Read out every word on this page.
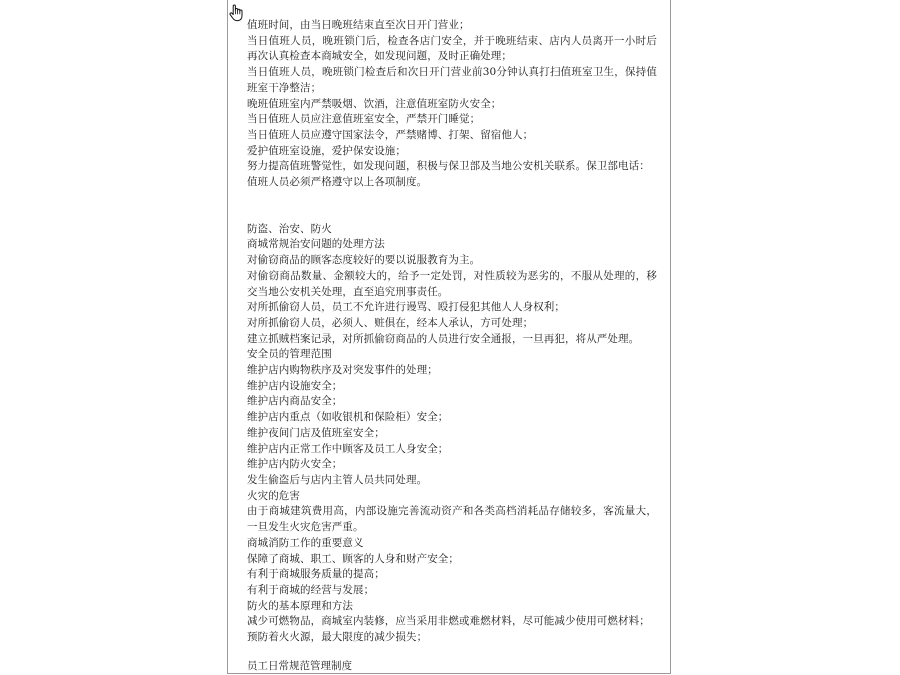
值班时间，由当日晚班结束直至次日开门营业；

当日值班人员，晚班锁门后，检查各店门安全，并于晚班结束、店内人员离开一小时后再次认真检查本商城安全，如发现问题，及时正确处理；

当日值班人员，晚班锁门检查后和次日开门营业前30分钟认真打扫值班室卫生，保持值班室干净整洁；

晚班值班室内严禁吸烟、饮酒，注意值班室防火安全；

当日值班人员应注意值班室安全，严禁开门睡觉；

当日值班人员应遵守国家法令，严禁赌博、打架、留宿他人；

爱护值班室设施，爱护保安设施；

努力提高值班警觉性，如发现问题，积极与保卫部及当地公安机关联系。保卫部电话：

值班人员必须严格遵守以上各项制度。

防盗、治安、防火

商城常规治安问题的处理方法

对偷窃商品的顾客态度较好的要以说服教育为主。

对偷窃商品数量、金额较大的，给予一定处罚，对性质较为恶劣的，不服从处理的，移交当地公安机关处理，直至追究刑事责任。

对所抓偷窃人员，员工不允许进行谩骂、殴打侵犯其他人人身权利；

对所抓偷窃人员，必须人、赃俱在，经本人承认，方可处理；

建立抓贼档案记录，对所抓偷窃商品的人员进行安全通报，一旦再犯，将从严处理。

安全员的管理范围

维护店内购物秩序及对突发事件的处理；

维护店内设施安全；

维护店内商品安全；

维护店内重点（如收银机和保险柜）安全；

维护夜间门店及值班室安全；

维护店内正常工作中顾客及员工人身安全；

维护店内防火安全；

发生偷盗后与店内主管人员共同处理。

火灾的危害

由于商城建筑费用高，内部设施完善流动资产和各类高档消耗品存储较多，客流量大，一旦发生火灾危害严重。

商城消防工作的重要意义

保障了商城、职工、顾客的人身和财产安全；

有利于商城服务质量的提高；

有利于商城的经营与发展；

防火的基本原理和方法

减少可燃物品，商城室内装修，应当采用非燃或难燃材料，尽可能减少使用可燃材料；

预防着火火源，最大限度的减少损失；

员工日常规范管理制度
